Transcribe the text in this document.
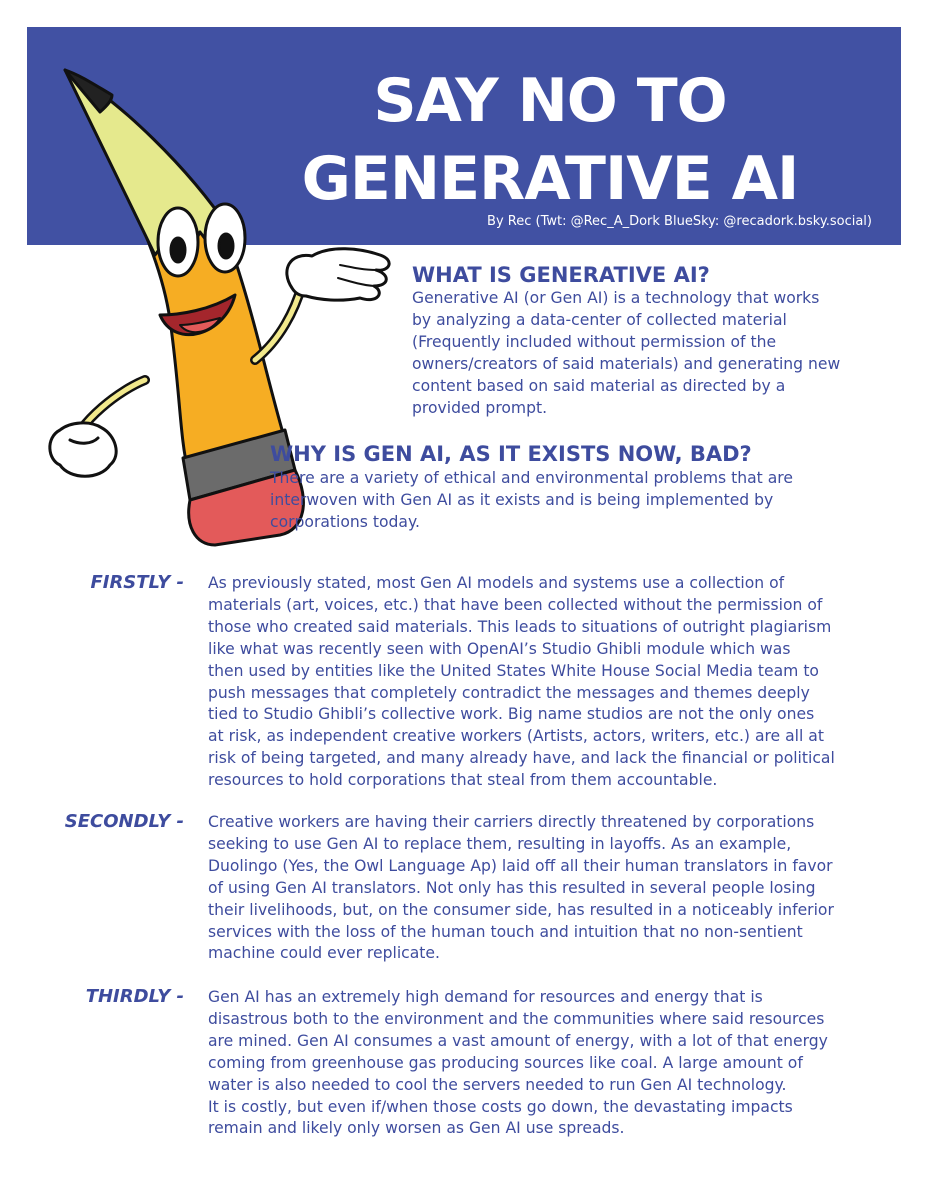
SAY NO TO
GENERATIVE AI
By Rec (Twt: @Rec_A_Dork BlueSky: @recadork.bsky.social)
WHAT IS GENERATIVE AI?
Generative AI (or Gen AI) is a technology that works
by analyzing a data-center of collected material
(Frequently included without permission of the
owners/creators of said materials) and generating new
content based on said material as directed by a
provided prompt.
WHY IS GEN AI, AS IT EXISTS NOW, BAD?
There are a variety of ethical and environmental problems that are
interwoven with Gen AI as it exists and is being implemented by
corporations today.
FIRSTLY - As previously stated, most Gen AI models and systems use a collection of
materials (art, voices, etc.) that have been collected without the permission of
those who created said materials. This leads to situations of outright plagiarism
like what was recently seen with OpenAI’s Studio Ghibli module which was
then used by entities like the United States White House Social Media team to
push messages that completely contradict the messages and themes deeply
tied to Studio Ghibli’s collective work. Big name studios are not the only ones
at risk, as independent creative workers (Artists, actors, writers, etc.) are all at
risk of being targeted, and many already have, and lack the financial or political
resources to hold corporations that steal from them accountable.
SECONDLY - Creative workers are having their carriers directly threatened by corporations
seeking to use Gen AI to replace them, resulting in layoffs. As an example,
Duolingo (Yes, the Owl Language Ap) laid off all their human translators in favor
of using Gen AI translators. Not only has this resulted in several people losing
their livelihoods, but, on the consumer side, has resulted in a noticeably inferior
services with the loss of the human touch and intuition that no non-sentient
machine could ever replicate.
THIRDLY - Gen AI has an extremely high demand for resources and energy that is
disastrous both to the environment and the communities where said resources
are mined. Gen AI consumes a vast amount of energy, with a lot of that energy
coming from greenhouse gas producing sources like coal. A large amount of
water is also needed to cool the servers needed to run Gen AI technology.
It is costly, but even if/when those costs go down, the devastating impacts
remain and likely only worsen as Gen AI use spreads.
